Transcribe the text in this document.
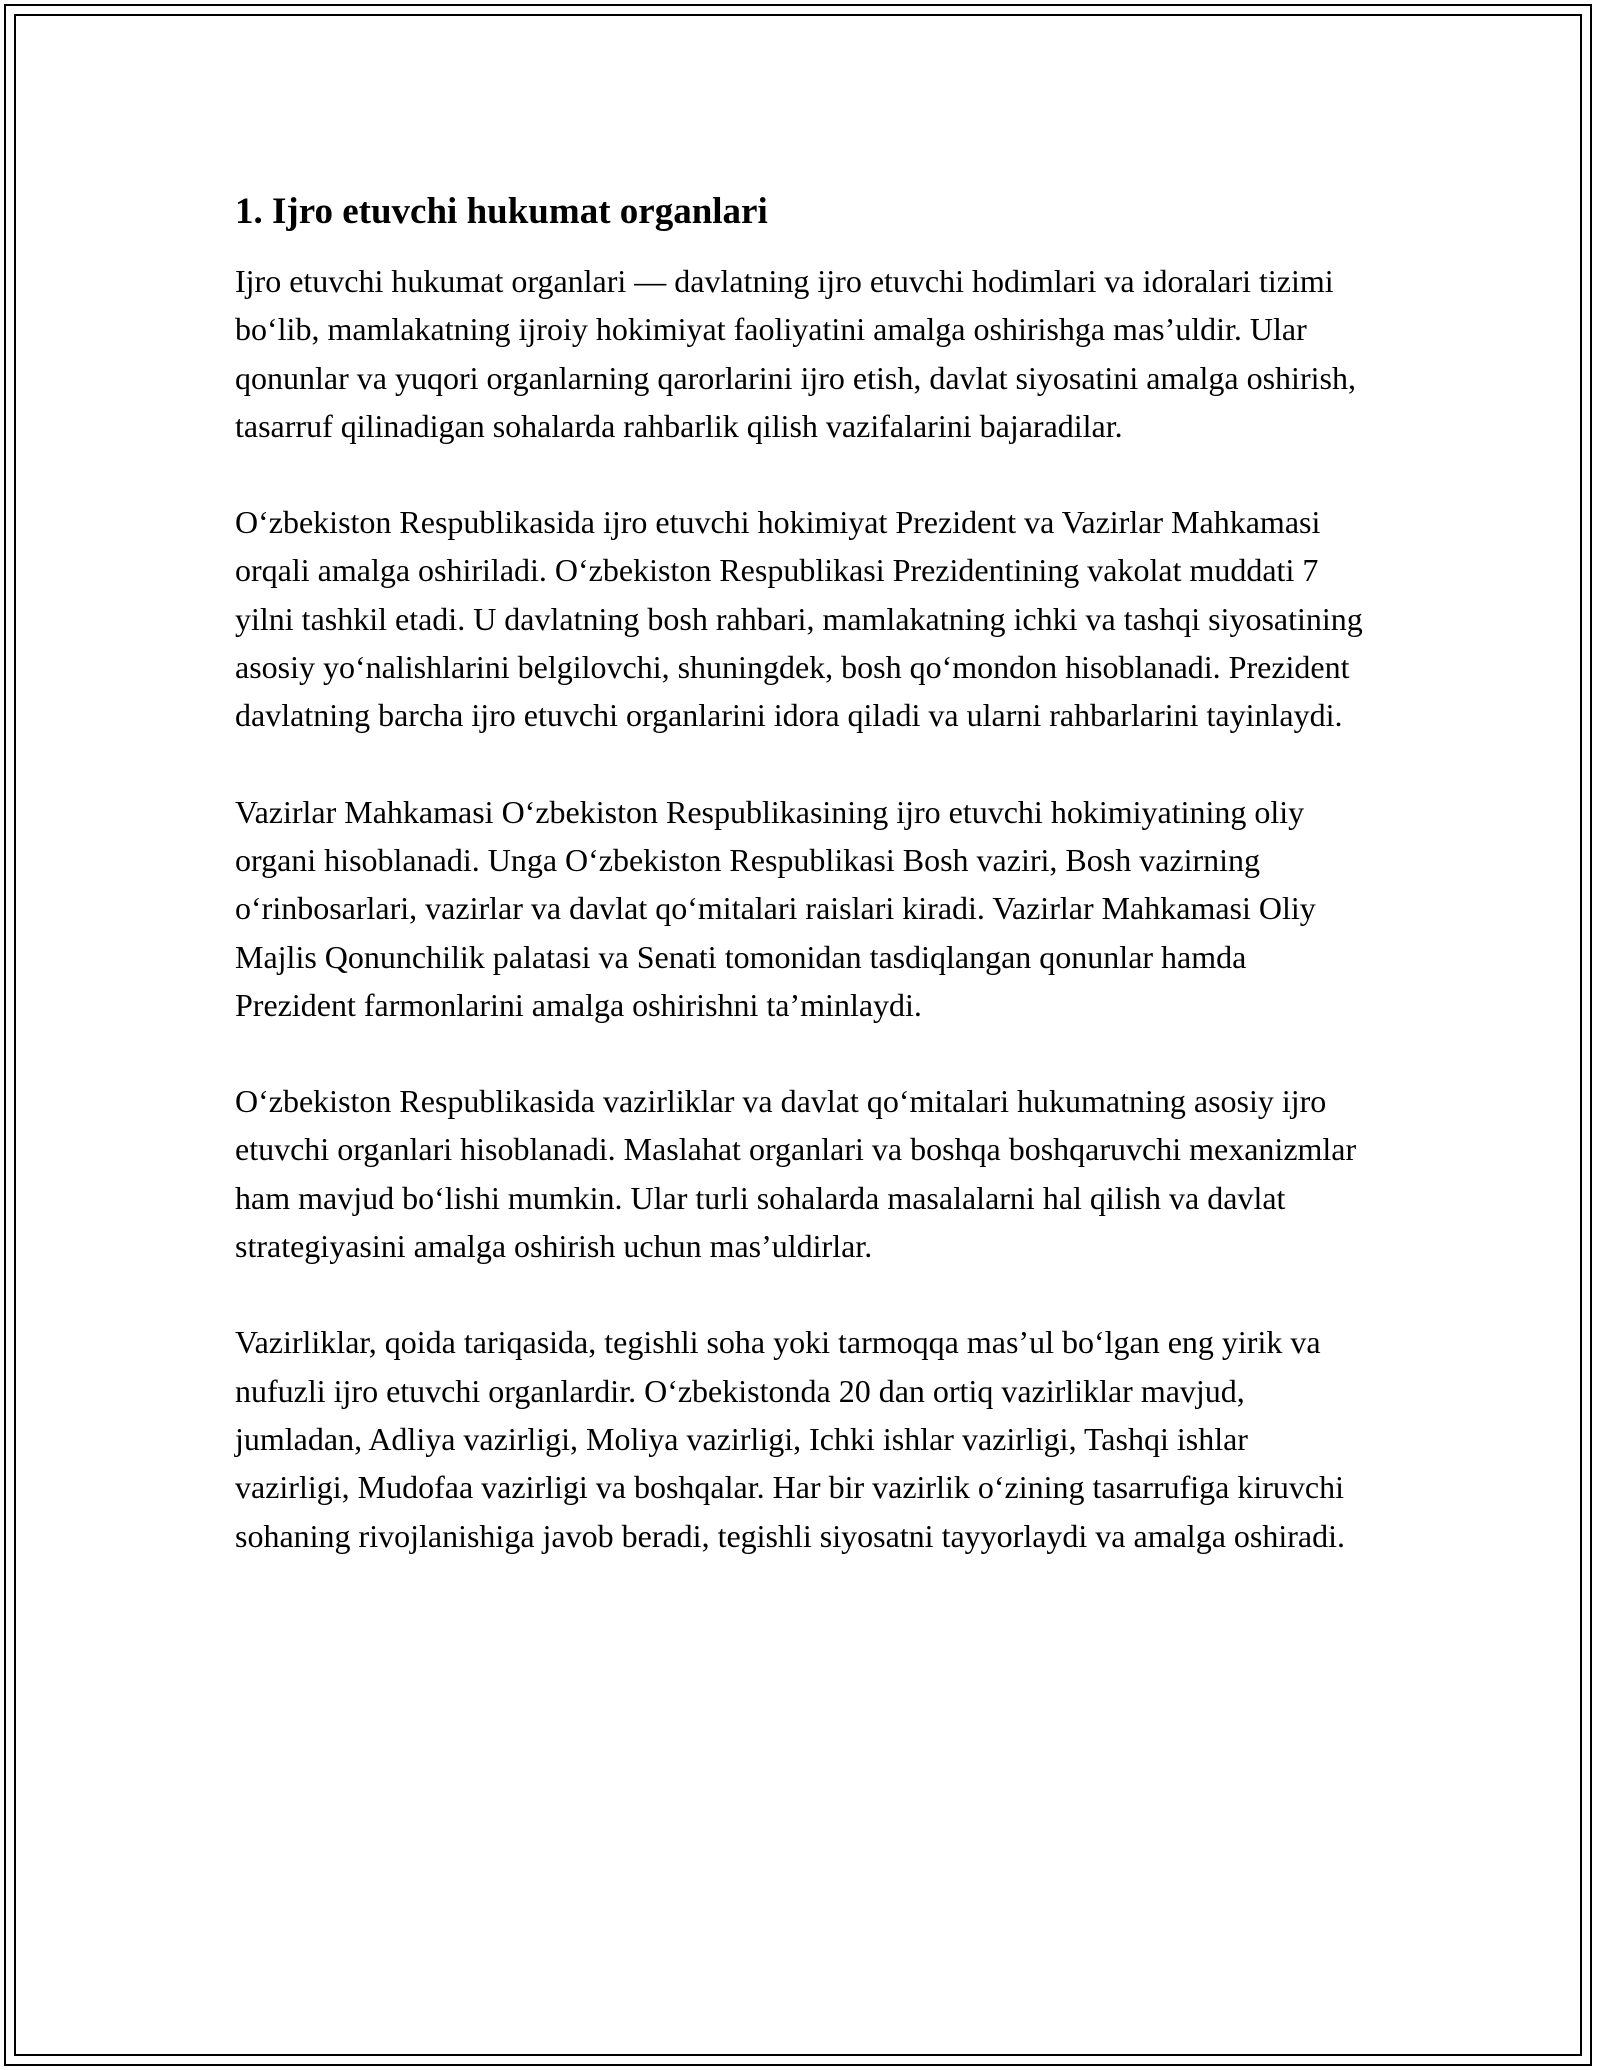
1. Ijro etuvchi hukumat organlari

Ijro etuvchi hukumat organlari — davlatning ijro etuvchi hodimlari va idoralari tizimi bo‘lib, mamlakatning ijroiy hokimiyat faoliyatini amalga oshirishga mas’uldir. Ular qonunlar va yuqori organlarning qarorlarini ijro etish, davlat siyosatini amalga oshirish, tasarruf qilinadigan sohalarda rahbarlik qilish vazifalarini bajaradilar.

O‘zbekiston Respublikasida ijro etuvchi hokimiyat Prezident va Vazirlar Mahkamasi orqali amalga oshiriladi. O‘zbekiston Respublikasi Prezidentining vakolat muddati 7 yilni tashkil etadi. U davlatning bosh rahbari, mamlakatning ichki va tashqi siyosatining asosiy yo‘nalishlarini belgilovchi, shuningdek, bosh qo‘mondon hisoblanadi. Prezident davlatning barcha ijro etuvchi organlarini idora qiladi va ularni rahbarlarini tayinlaydi.

Vazirlar Mahkamasi O‘zbekiston Respublikasining ijro etuvchi hokimiyatining oliy organi hisoblanadi. Unga O‘zbekiston Respublikasi Bosh vaziri, Bosh vazirning o‘rinbosarlari, vazirlar va davlat qo‘mitalari raislari kiradi. Vazirlar Mahkamasi Oliy Majlis Qonunchilik palatasi va Senati tomonidan tasdiqlangan qonunlar hamda Prezident farmonlarini amalga oshirishni ta’minlaydi.

O‘zbekiston Respublikasida vazirliklar va davlat qo‘mitalari hukumatning asosiy ijro etuvchi organlari hisoblanadi. Maslahat organlari va boshqa boshqaruvchi mexanizmlar ham mavjud bo‘lishi mumkin. Ular turli sohalarda masalalarni hal qilish va davlat strategiyasini amalga oshirish uchun mas’uldirlar.

Vazirliklar, qoida tariqasida, tegishli soha yoki tarmoqqa mas’ul bo‘lgan eng yirik va nufuzli ijro etuvchi organlardir. O‘zbekistonda 20 dan ortiq vazirliklar mavjud, jumladan, Adliya vazirligi, Moliya vazirligi, Ichki ishlar vazirligi, Tashqi ishlar vazirligi, Mudofaa vazirligi va boshqalar. Har bir vazirlik o‘zining tasarrufiga kiruvchi sohaning rivojlanishiga javob beradi, tegishli siyosatni tayyorlaydi va amalga oshiradi.
